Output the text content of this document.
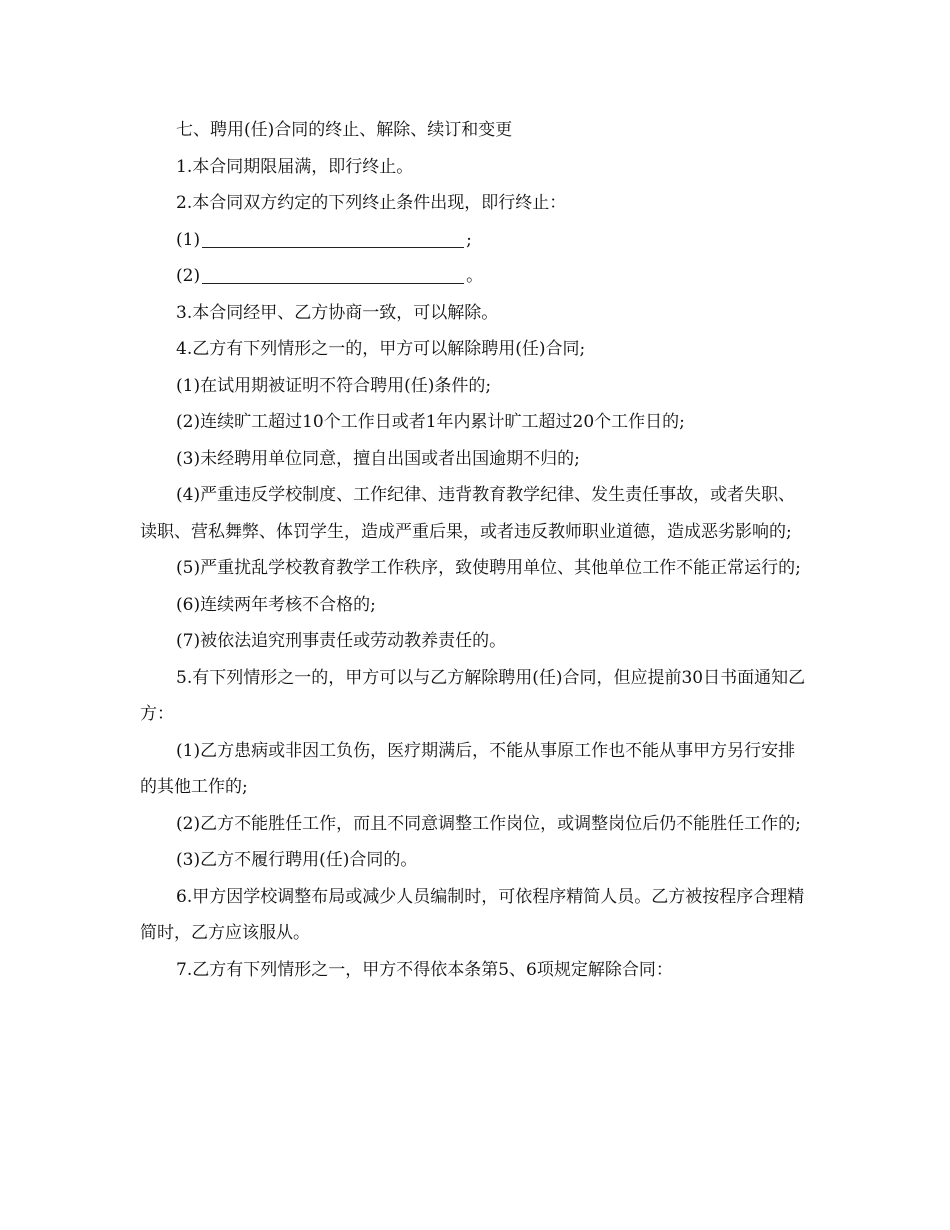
七、聘用(任)合同的终止、解除、续订和变更

1.本合同期限届满，即行终止。

2.本合同双方约定的下列终止条件出现，即行终止：

(1)	;

(2)	。

3.本合同经甲、乙方协商一致，可以解除。

4.乙方有下列情形之一的，甲方可以解除聘用(任)合同;

(1)在试用期被证明不符合聘用(任)条件的;

(2)连续旷工超过10个工作日或者1年内累计旷工超过20个工作日的;

(3)未经聘用单位同意，擅自出国或者出国逾期不归的;

(4)严重违反学校制度、工作纪律、违背教育教学纪律、发生责任事故，或者失职、读职、营私舞弊、体罚学生，造成严重后果，或者违反教师职业道德，造成恶劣影响的;

(5)严重扰乱学校教育教学工作秩序，致使聘用单位、其他单位工作不能正常运行的;

(6)连续两年考核不合格的;

(7)被依法追究刑事责任或劳动教养责任的。

5.有下列情形之一的，甲方可以与乙方解除聘用(任)合同，但应提前30日书面通知乙方：

(1)乙方患病或非因工负伤，医疗期满后，不能从事原工作也不能从事甲方另行安排的其他工作的;

(2)乙方不能胜任工作，而且不同意调整工作岗位，或调整岗位后仍不能胜任工作的;

(3)乙方不履行聘用(任)合同的。

6.甲方因学校调整布局或减少人员编制时，可依程序精简人员。乙方被按程序合理精简时，乙方应该服从。

7.乙方有下列情形之一，甲方不得依本条第5、6项规定解除合同：
